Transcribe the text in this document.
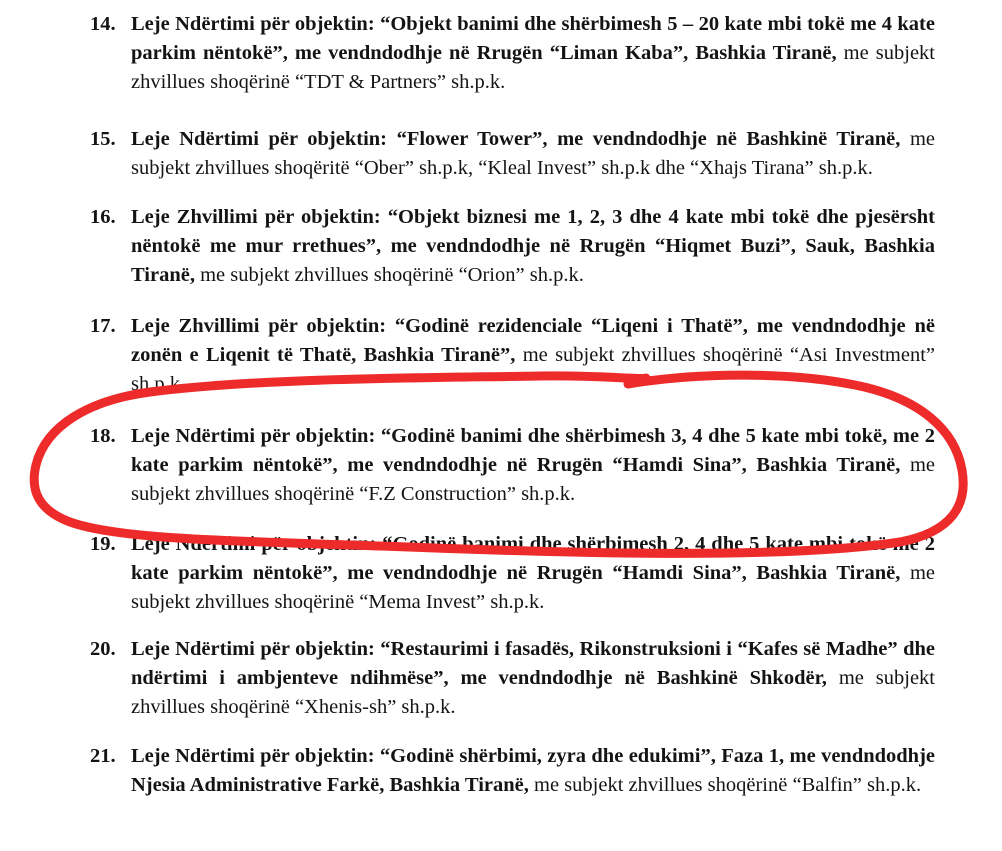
14. Leje Ndërtimi për objektin: “Objekt banimi dhe shërbimesh 5 – 20 kate mbi tokë me 4 kate parkim nëntokë”, me vendndodhje në Rrugën “Liman Kaba”, Bashkia Tiranë, me subjekt zhvillues shoqërinë “TDT & Partners” sh.p.k.
15. Leje Ndërtimi për objektin: “Flower Tower”, me vendndodhje në Bashkinë Tiranë, me subjekt zhvillues shoqëritë “Ober” sh.p.k, “Kleal Invest” sh.p.k dhe “Xhajs Tirana” sh.p.k.
16. Leje Zhvillimi për objektin: “Objekt biznesi me 1, 2, 3 dhe 4 kate mbi tokë dhe pjesërsht nëntokë me mur rrethues”, me vendndodhje në Rrugën “Hiqmet Buzi”, Sauk, Bashkia Tiranë, me subjekt zhvillues shoqërinë “Orion” sh.p.k.
17. Leje Zhvillimi për objektin: “Godinë rezidenciale “Liqeni i Thatë”, me vendndodhje në zonën e Liqenit të Thatë, Bashkia Tiranë”, me subjekt zhvillues shoqërinë “Asi Investment” sh.p.k.
18. Leje Ndërtimi për objektin: “Godinë banimi dhe shërbimesh 3, 4 dhe 5 kate mbi tokë, me 2 kate parkim nëntokë”, me vendndodhje në Rrugën “Hamdi Sina”, Bashkia Tiranë, me subjekt zhvillues shoqërinë “F.Z Construction” sh.p.k.
19. Leje Ndërtimi për objektin: “Godinë banimi dhe shërbimesh 2, 4 dhe 5 kate mbi tokë me 2 kate parkim nëntokë”, me vendndodhje në Rrugën “Hamdi Sina”, Bashkia Tiranë, me subjekt zhvillues shoqërinë “Mema Invest” sh.p.k.
20. Leje Ndërtimi për objektin: “Restaurimi i fasadës, Rikonstruksioni i “Kafes së Madhe” dhe ndërtimi i ambjenteve ndihmëse”, me vendndodhje në Bashkinë Shkodër, me subjekt zhvillues shoqërinë “Xhenis-sh” sh.p.k.
21. Leje Ndërtimi për objektin: “Godinë shërbimi, zyra dhe edukimi”, Faza 1, me vendndodhje Njesia Administrative Farkë, Bashkia Tiranë, me subjekt zhvillues shoqërinë “Balfin” sh.p.k.
